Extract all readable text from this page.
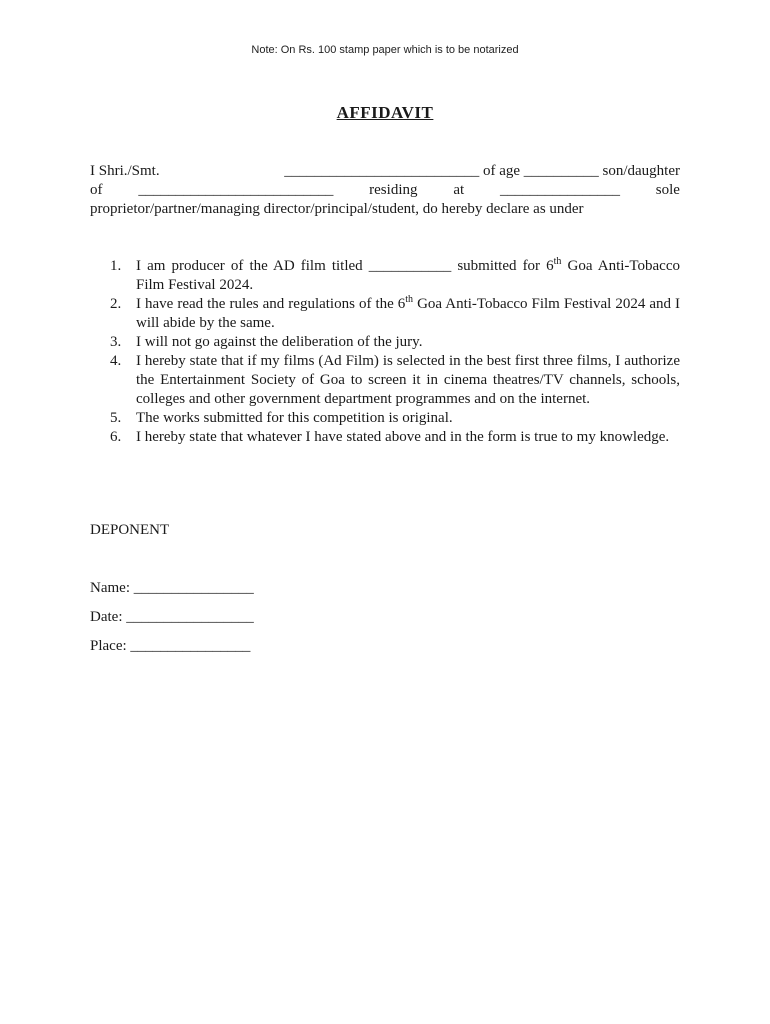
Note: On Rs. 100 stamp paper which is to be notarized
AFFIDAVIT
I Shri./Smt.	__________________________ of age __________ son/daughter
of __________________________ residing at ________________ sole
proprietor/partner/managing director/principal/student, do hereby declare as under
1. I am producer of the AD film titled ___________ submitted for 6th Goa Anti-Tobacco Film Festival 2024.
2. I have read the rules and regulations of the 6th Goa Anti-Tobacco Film Festival 2024 and I will abide by the same.
3. I will not go against the deliberation of the jury.
4. I hereby state that if my films (Ad Film) is selected in the best first three films, I authorize the Entertainment Society of Goa to screen it in cinema theatres/TV channels, schools, colleges and other government department programmes and on the internet.
5. The works submitted for this competition is original.
6. I hereby state that whatever I have stated above and in the form is true to my knowledge.
DEPONENT
Name: ________________
Date: _________________
Place: ________________
